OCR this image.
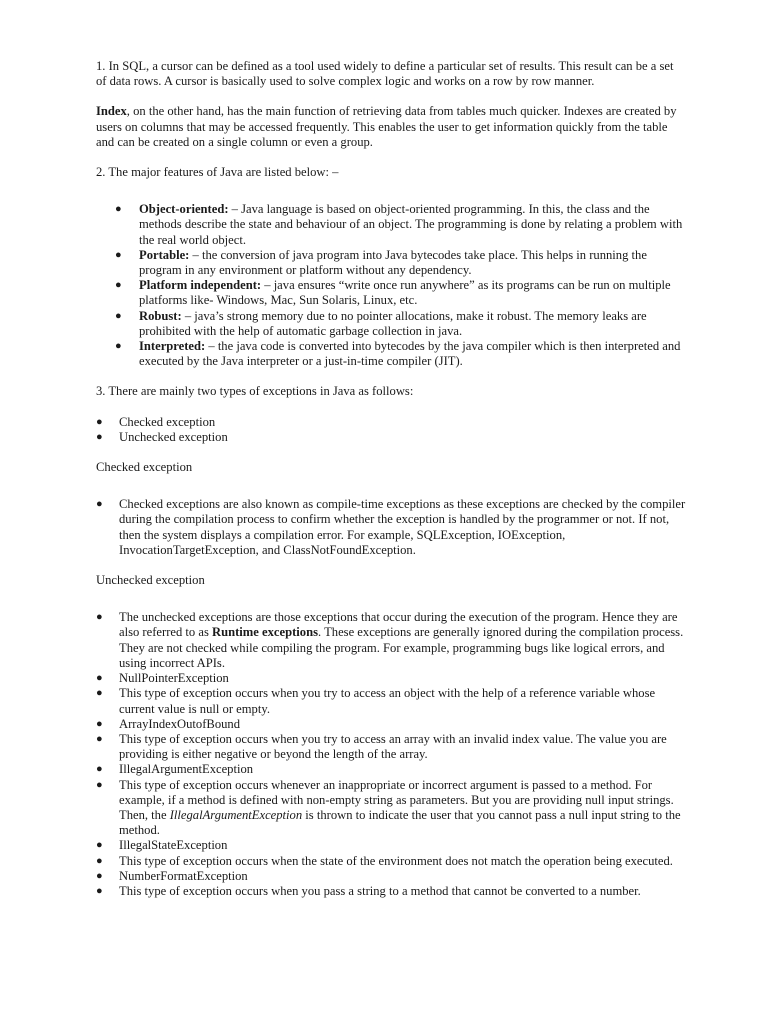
1. In SQL, a cursor can be defined as a tool used widely to define a particular set of results. This result can be a set of data rows. A cursor is basically used to solve complex logic and works on a row by row manner.

Index, on the other hand, has the main function of retrieving data from tables much quicker. Indexes are created by users on columns that may be accessed frequently. This enables the user to get information quickly from the table and can be created on a single column or even a group.

2. The major features of Java are listed below: –

● Object-oriented: – Java language is based on object-oriented programming. In this, the class and the methods describe the state and behaviour of an object. The programming is done by relating a problem with the real world object.
● Portable: – the conversion of java program into Java bytecodes take place. This helps in running the program in any environment or platform without any dependency.
● Platform independent: – java ensures “write once run anywhere” as its programs can be run on multiple platforms like- Windows, Mac, Sun Solaris, Linux, etc.
● Robust: – java’s strong memory due to no pointer allocations, make it robust. The memory leaks are prohibited with the help of automatic garbage collection in java.
● Interpreted: – the java code is converted into bytecodes by the java compiler which is then interpreted and executed by the Java interpreter or a just-in-time compiler (JIT).

3. There are mainly two types of exceptions in Java as follows:

● Checked exception
● Unchecked exception

Checked exception

● Checked exceptions are also known as compile-time exceptions as these exceptions are checked by the compiler during the compilation process to confirm whether the exception is handled by the programmer or not. If not, then the system displays a compilation error. For example, SQLException, IOException, InvocationTargetException, and ClassNotFoundException.

Unchecked exception

● The unchecked exceptions are those exceptions that occur during the execution of the program. Hence they are also referred to as Runtime exceptions. These exceptions are generally ignored during the compilation process. They are not checked while compiling the program. For example, programming bugs like logical errors, and using incorrect APIs.
● NullPointerException
● This type of exception occurs when you try to access an object with the help of a reference variable whose current value is null or empty.
● ArrayIndexOutofBound
● This type of exception occurs when you try to access an array with an invalid index value. The value you are providing is either negative or beyond the length of the array.
● IllegalArgumentException
● This type of exception occurs whenever an inappropriate or incorrect argument is passed to a method. For example, if a method is defined with non-empty string as parameters. But you are providing null input strings. Then, the IllegalArgumentException is thrown to indicate the user that you cannot pass a null input string to the method.
● IllegalStateException
● This type of exception occurs when the state of the environment does not match the operation being executed.
● NumberFormatException
● This type of exception occurs when you pass a string to a method that cannot be converted to a number.
